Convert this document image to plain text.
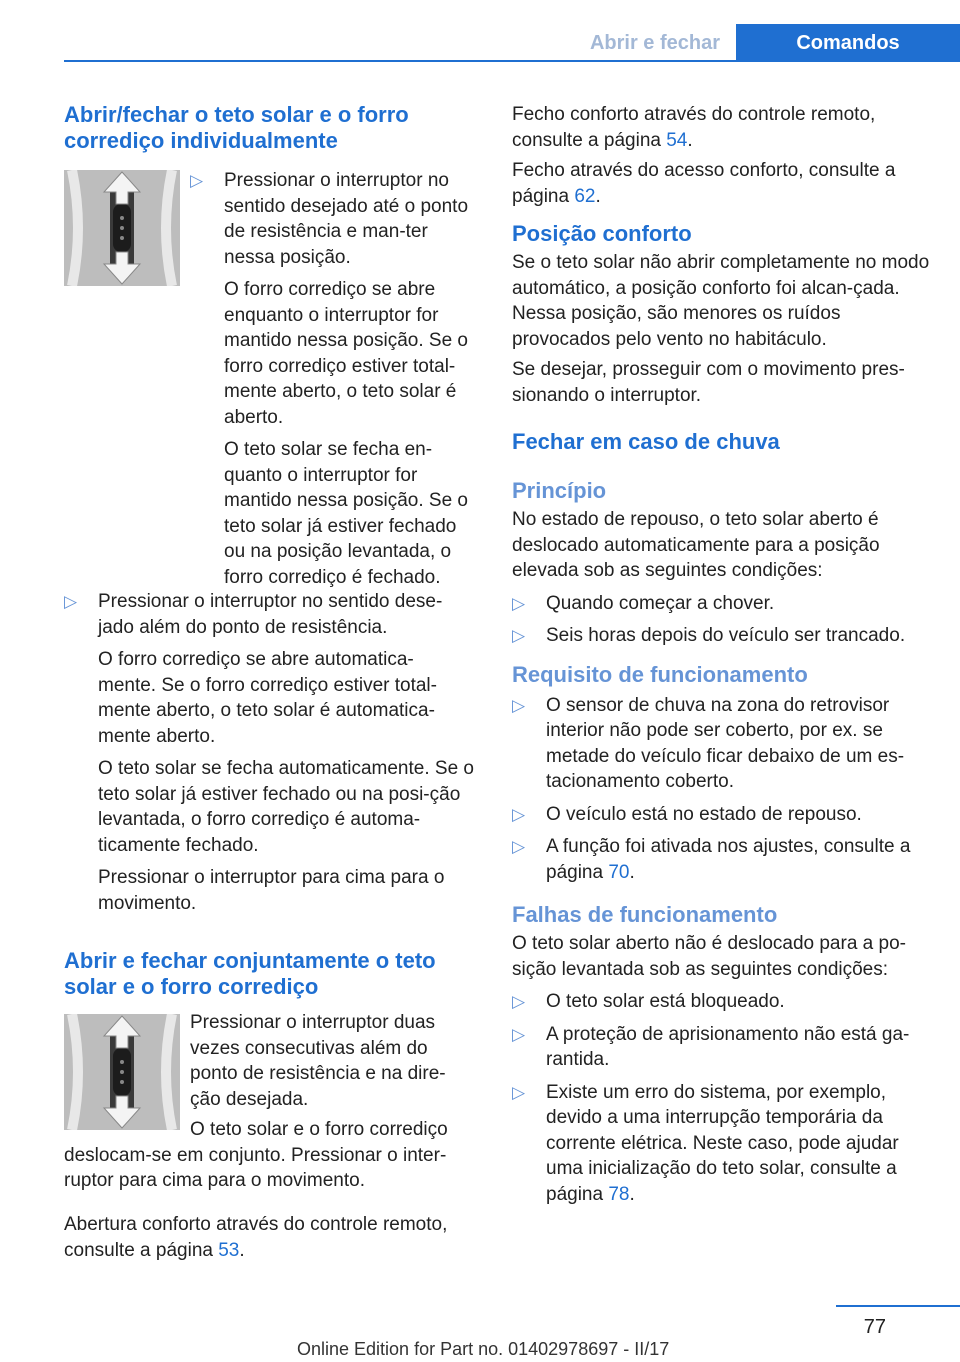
Abrir e fechar	Comandos
Abrir/fechar o teto solar e o forro corrediço individualmente
▷	Pressionar o interruptor no sentido desejado até o ponto de resistência e man‐ter nessa posição.

O forro corrediço se abre enquanto o interruptor for mantido nessa posição. Se o forro corrediço estiver total‐mente aberto, o teto solar é aberto.

O teto solar se fecha en‐quanto o interruptor for mantido nessa posição. Se o teto solar já estiver fechado ou na posição levantada, o forro corrediço é fechado.

▷	Pressionar o interruptor no sentido dese‐jado além do ponto de resistência.

O forro corrediço se abre automatica‐mente. Se o forro corrediço estiver total‐mente aberto, o teto solar é automatica‐mente aberto.

O teto solar se fecha automaticamente. Se o teto solar já estiver fechado ou na posi‐ção levantada, o forro corrediço é automa‐ticamente fechado.

Pressionar o interruptor para cima para o movimento.

Abrir e fechar conjuntamente o teto solar e o forro corrediço

Pressionar o interruptor duas vezes consecutivas além do ponto de resistência e na dire‐ção desejada.

O teto solar e o forro corrediço deslocam-se em conjunto. Pressionar o inter‐ruptor para cima para o movimento.

Abertura conforto através do controle remoto, consulte a página 53.

Fecho conforto através do controle remoto, consulte a página 54.

Fecho através do acesso conforto, consulte a página 62.

Posição conforto

Se o teto solar não abrir completamente no modo automático, a posição conforto foi alcan‐çada. Nessa posição, são menores os ruídos provocados pelo vento no habitáculo.

Se desejar, prosseguir com o movimento pres‐sionando o interruptor.

Fechar em caso de chuva
Princípio

No estado de repouso, o teto solar aberto é deslocado automaticamente para a posição elevada sob as seguintes condições:

▷	Quando começar a chover.
▷	Seis horas depois do veículo ser trancado.
Requisito de funcionamento
▷	O sensor de chuva na zona do retrovisor interior não pode ser coberto, por ex. se metade do veículo ficar debaixo de um es‐tacionamento coberto.
▷	O veículo está no estado de repouso.
▷	A função foi ativada nos ajustes, consulte a página 70.
Falhas de funcionamento

O teto solar aberto não é deslocado para a po‐sição levantada sob as seguintes condições:

▷	O teto solar está bloqueado.
▷	A proteção de aprisionamento não está ga‐rantida.
▷	Existe um erro do sistema, por exemplo, devido a uma interrupção temporária da corrente elétrica. Neste caso, pode ajudar uma inicialização do teto solar, consulte a página 78.
77
Online Edition for Part no. 01402978697 - II/17
